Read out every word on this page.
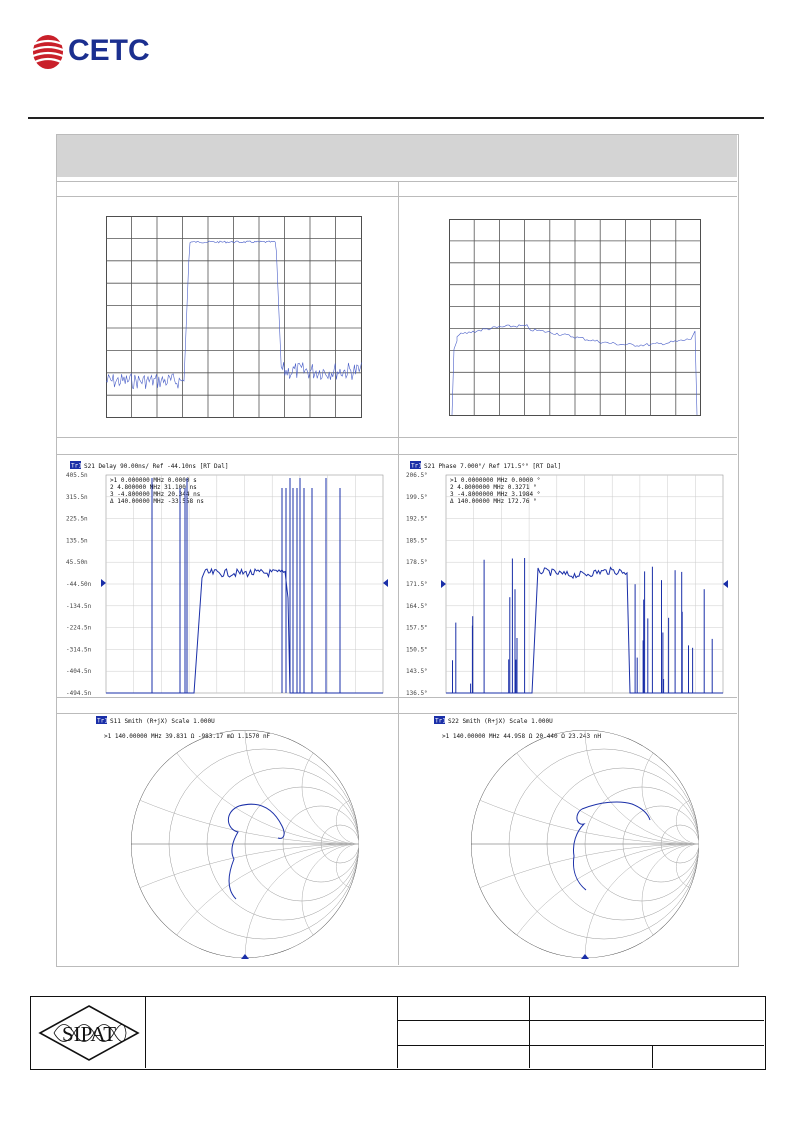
CETC
Tr1 S21 Delay 90.00ns/ Ref -44.10ns [RT Dal]
>1 0.000000 MHz 0.0000 s
2 4.800000 MHz 31.100 ns
3 -4.800000 MHz 20.344 ns
Δ 140.00000 MHz -33.558 ns
405.5n
315.5n
225.5n
135.5n
45.50n
-44.50n
-134.5n
-224.5n
-314.5n
-404.5n
-494.5n
Tr1 S21 Phase 7.000°/ Ref 171.5°° [RT Dal]
>1 0.0000000 MHz 0.0000 °
2 4.8000000 MHz 0.3271 °
3 -4.8000000 MHz 3.1984 °
Δ 140.00000 MHz 172.76 °
206.5°
199.5°
192.5°
185.5°
178.5°
171.5°
164.5°
157.5°
150.5°
143.5°
136.5°
Tr1 S11 Smith (R+jX) Scale 1.000U
>1 140.00000 MHz 39.831 Ω -983.17 mΩ 1.1570 nF
Tr1 S22 Smith (R+jX) Scale 1.000U
>1 140.00000 MHz 44.958 Ω 20.440 Ω 23.243 nH
SIPAT
